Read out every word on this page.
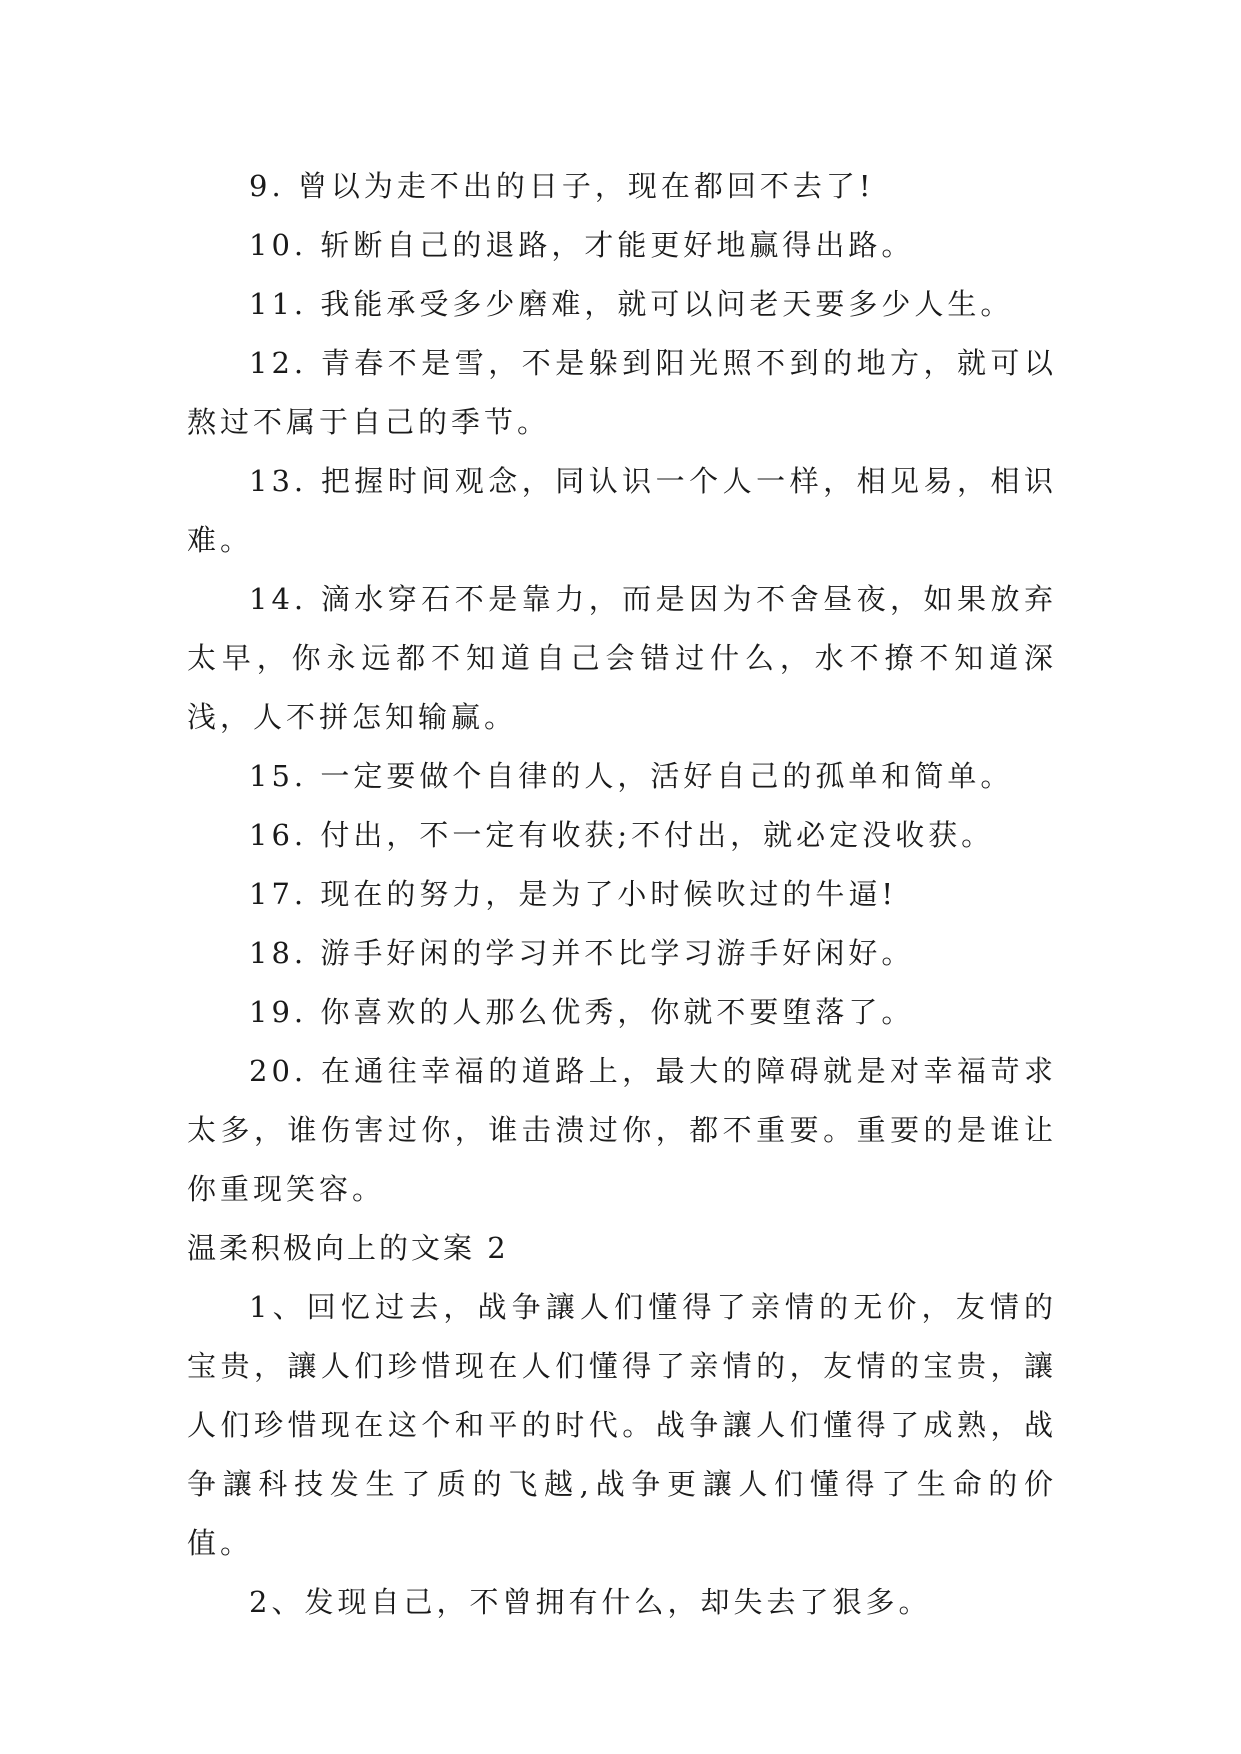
9. 曾以为走不出的日子，现在都回不去了!

10. 斩断自己的退路，才能更好地赢得出路。

11. 我能承受多少磨难，就可以问老天要多少人生。

12. 青春不是雪，不是躲到阳光照不到的地方，就可以熬过不属于自己的季节。

13. 把握时间观念，同认识一个人一样，相见易，相识难。

14. 滴水穿石不是靠力，而是因为不舍昼夜，如果放弃太早，你永远都不知道自己会错过什么，水不撩不知道深浅，人不拼怎知输赢。

15. 一定要做个自律的人，活好自己的孤单和简单。

16. 付出，不一定有收获;不付出，就必定没收获。

17. 现在的努力，是为了小时候吹过的牛逼!

18. 游手好闲的学习并不比学习游手好闲好。

19. 你喜欢的人那么优秀，你就不要堕落了。

20. 在通往幸福的道路上，最大的障碍就是对幸福苛求太多，谁伤害过你，谁击溃过你，都不重要。重要的是谁让你重现笑容。

温柔积极向上的文案 2

1、回忆过去，战争讓人们懂得了亲情的无价，友情的宝贵，讓人们珍惜现在人们懂得了亲情的，友情的宝贵，讓人们珍惜现在这个和平的时代。战争讓人们懂得了成熟，战争讓科技发生了质的飞越,战争更讓人们懂得了生命的价值。

2、发现自己，不曾拥有什么，却失去了狠多。
